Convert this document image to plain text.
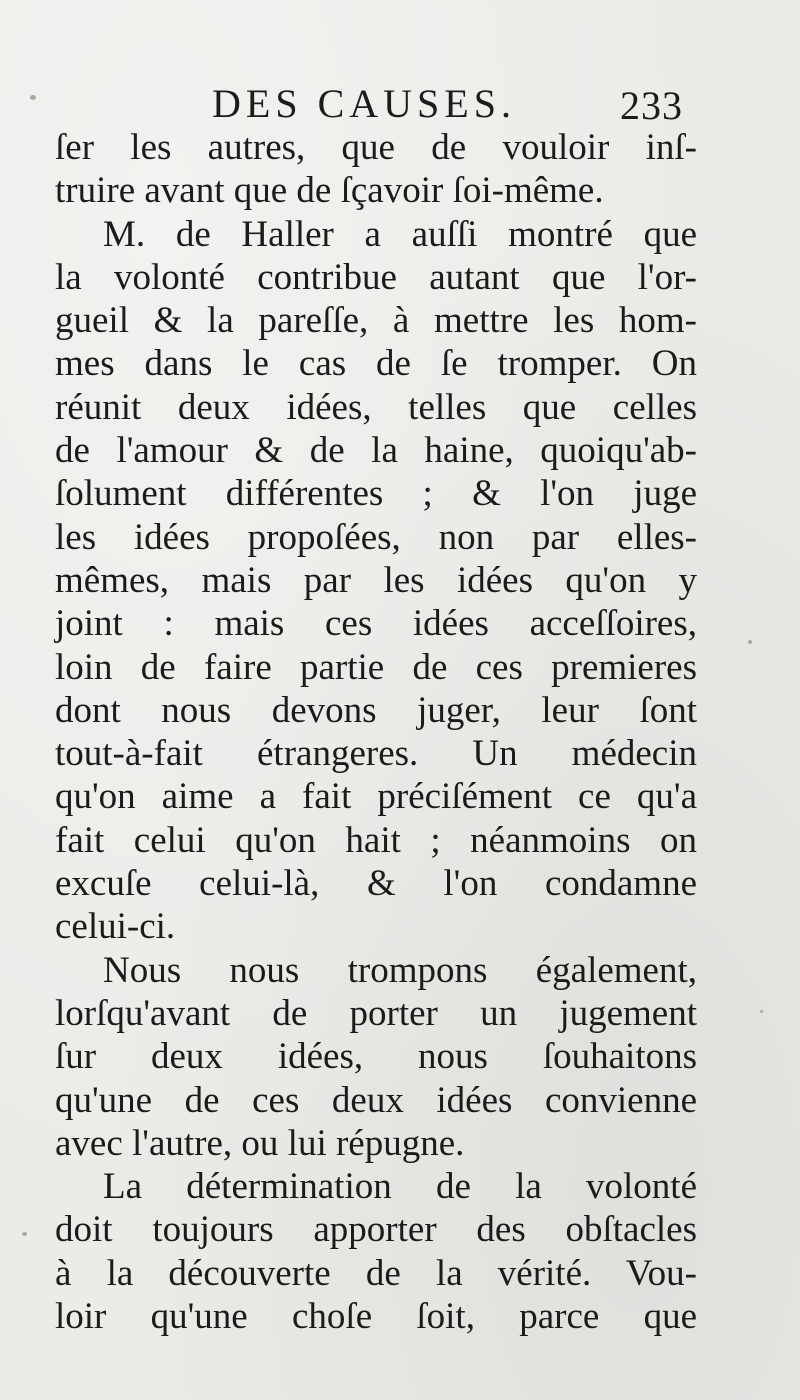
DES CAUSES.	233
ſer les autres, que de vouloir inſ-
truire avant que de ſçavoir ſoi-même.
M. de Haller a auſſi montré que
la volonté contribue autant que l'or-
gueil & la pareſſe, à mettre les hom-
mes dans le cas de ſe tromper. On
réunit deux idées, telles que celles
de l'amour & de la haine, quoiqu'ab-
ſolument différentes ; & l'on juge
les idées propoſées, non par elles-
mêmes, mais par les idées qu'on y
joint : mais ces idées acceſſoires,
loin de faire partie de ces premieres
dont nous devons juger, leur ſont
tout-à-fait étrangeres. Un médecin
qu'on aime a fait préciſément ce qu'a
fait celui qu'on hait ; néanmoins on
excuſe celui-là, & l'on condamne
celui-ci.
Nous nous trompons également,
lorſqu'avant de porter un jugement
ſur deux idées, nous ſouhaitons
qu'une de ces deux idées convienne
avec l'autre, ou lui répugne.
La détermination de la volonté
doit toujours apporter des obſtacles
à la découverte de la vérité. Vou-
loir qu'une choſe ſoit, parce que
